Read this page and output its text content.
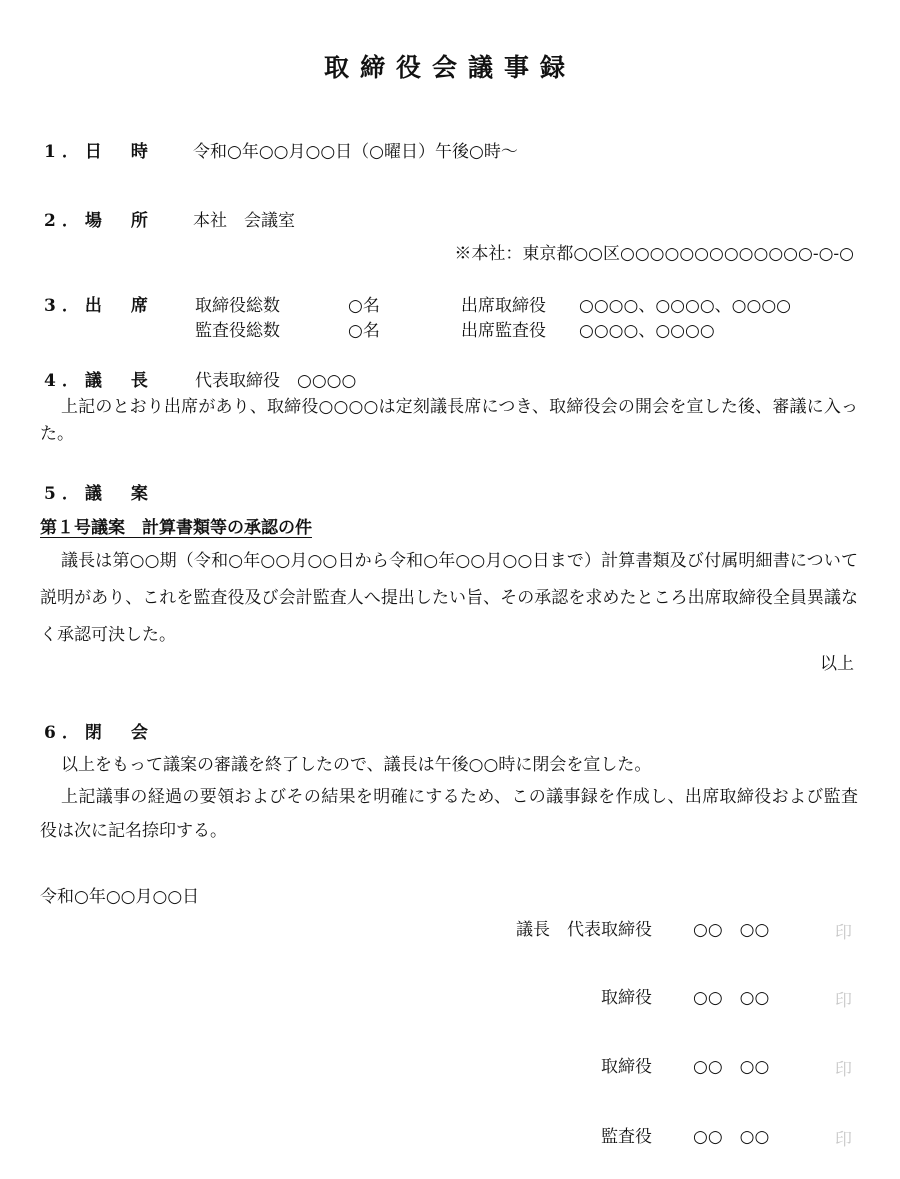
取締役会議事録
1．日　時 令和○年○○月○○日（○曜日）午後○時～
2．場　所 本社　会議室
※本社：東京都○○区○○○○○○○○○○○○○-○-○
3．出　席 取締役総数	○名	出席取締役 ○○○○、○○○○、○○○○
監査役総数	○名	出席監査役 ○○○○、○○○○
4．議　長 代表取締役　○○○○
上記のとおり出席があり、取締役○○○○は定刻議長席につき、取締役会の開会を宣した後、審議に入った。
5．議　案
第１号議案　計算書類等の承認の件
議長は第○○期（令和○年○○月○○日から令和○年○○月○○日まで）計算書類及び付属明細書について説明があり、これを監査役及び会計監査人へ提出したい旨、その承認を求めたところ出席取締役全員異議なく承認可決した。
以上
6．閉　会
以上をもって議案の審議を終了したので、議長は午後○○時に閉会を宣した。
上記議事の経過の要領およびその結果を明確にするため、この議事録を作成し、出席取締役および監査役は次に記名捺印する。
令和○年○○月○○日
議長　代表取締役 ○○　○○	印
取締役 ○○　○○	印
取締役 ○○　○○	印
監査役 ○○　○○	印
